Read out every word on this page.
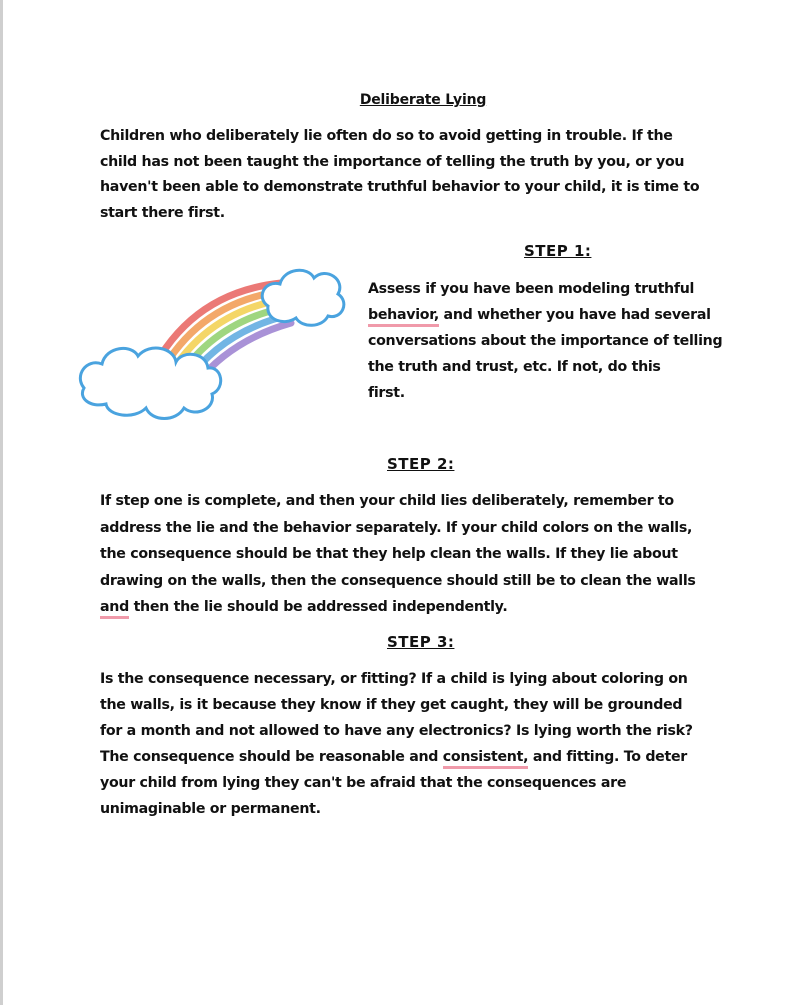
Deliberate Lying

Children who deliberately lie often do so to avoid getting in trouble. If the
child has not been taught the importance of telling the truth by you, or you
haven't been able to demonstrate truthful behavior to your child, it is time to
start there first.

STEP 1:

Assess if you have been modeling truthful
behavior, and whether you have had several
conversations about the importance of telling
the truth and trust, etc. If not, do this
first.

STEP 2:

If step one is complete, and then your child lies deliberately, remember to
address the lie and the behavior separately. If your child colors on the walls,
the consequence should be that they help clean the walls. If they lie about
drawing on the walls, then the consequence should still be to clean the walls
and then the lie should be addressed independently.

STEP 3:

Is the consequence necessary, or fitting? If a child is lying about coloring on
the walls, is it because they know if they get caught, they will be grounded
for a month and not allowed to have any electronics? Is lying worth the risk?
The consequence should be reasonable and consistent, and fitting. To deter
your child from lying they can't be afraid that the consequences are
unimaginable or permanent.
